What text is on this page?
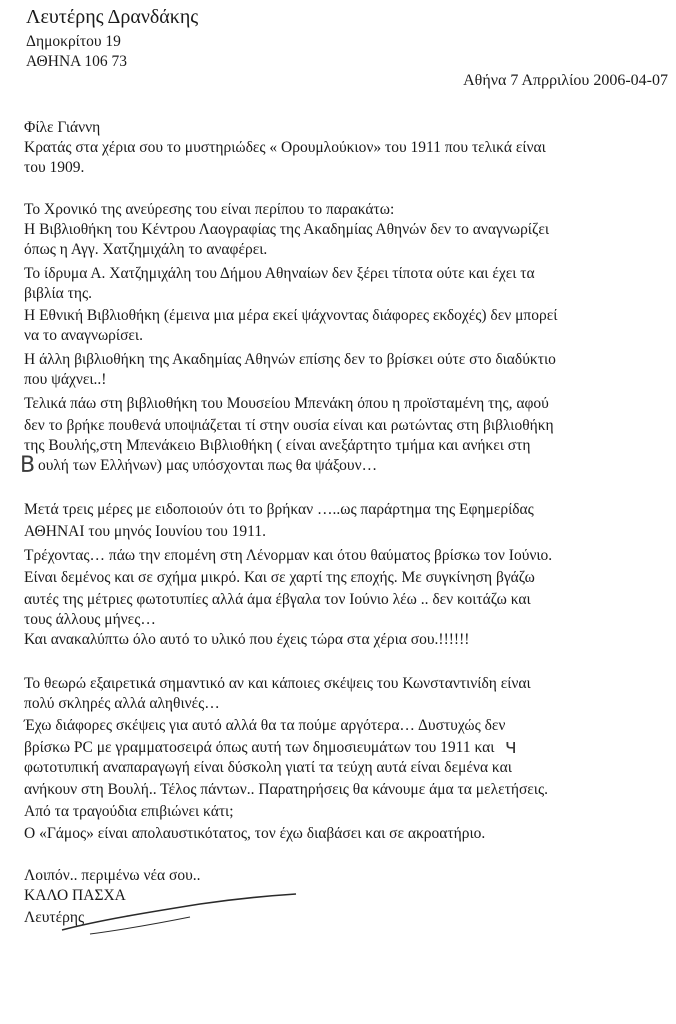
Λευτέρης Δρανδάκης
Δημοκρίτου 19
ΑΘΗΝΑ 106 73
Αθήνα 7 Απρριλίου 2006-04-07
Φίλε Γιάννη
Κρατάς στα χέρια σου το μυστηριώδες « Ορουμλούκιον» του 1911 που τελικά είναι
του 1909.
Το Χρονικό της ανεύρεσης του είναι περίπου το παρακάτω:
Η Βιβλιοθήκη του Κέντρου Λαογραφίας της Ακαδημίας Αθηνών δεν το αναγνωρίζει
όπως η Αγγ. Χατζημιχάλη το αναφέρει.
Το ίδρυμα Α. Χατζημιχάλη του Δήμου Αθηναίων δεν ξέρει τίποτα ούτε και έχει τα
βιβλία της.
Η Εθνική Βιβλιοθήκη (έμεινα μια μέρα εκεί ψάχνοντας διάφορες εκδοχές) δεν μπορεί
να το αναγνωρίσει.
Η άλλη βιβλιοθήκη της Ακαδημίας Αθηνών επίσης δεν το βρίσκει ούτε στο διαδύκτιο
που ψάχνει..!
Τελικά πάω στη βιβλιοθήκη του Μουσείου Μπενάκη όπου η προϊσταμένη της, αφού
δεν το βρήκε πουθενά υποψιάζεται τί στην ουσία είναι και ρωτώντας στη βιβλιοθήκη
της Βουλής,στη Μπενάκειο Βιβλιοθήκη ( είναι ανεξάρτητο τμήμα και ανήκει στη
ουλή των Ελλήνων) μας υπόσχονται πως θα ψάξουν…
Μετά τρεις μέρες με ειδοποιούν ότι το βρήκαν …..ως παράρτημα της Εφημερίδας
ΑΘΗΝΑΙ του μηνός Ιουνίου του 1911.
Τρέχοντας… πάω την επομένη στη Λένορμαν και ότου θαύματος βρίσκω τον Ιούνιο.
Είναι δεμένος και σε σχήμα μικρό. Και σε χαρτί της εποχής. Με συγκίνηση βγάζω
αυτές της μέτριες φωτοτυπίες αλλά άμα έβγαλα τον Ιούνιο λέω .. δεν κοιτάζω και
τους άλλους μήνες…
Και ανακαλύπτω όλο αυτό το υλικό που έχεις τώρα στα χέρια σου.!!!!!!
Το θεωρώ εξαιρετικά σημαντικό αν και κάποιες σκέψεις του Κωνσταντινίδη είναι
πολύ σκληρές αλλά αληθινές…
Έχω διάφορες σκέψεις για αυτό αλλά θα τα πούμε αργότερα… Δυστυχώς δεν
βρίσκω PC με γραμματοσειρά όπως αυτή των δημοσιευμάτων του 1911 και
φωτοτυπική αναπαραγωγή είναι δύσκολη γιατί τα τεύχη αυτά είναι δεμένα και
ανήκουν στη Βουλή.. Τέλος πάντων.. Παρατηρήσεις θα κάνουμε άμα τα μελετήσεις.
Από τα τραγούδια επιβιώνει κάτι;
Ο «Γάμος» είναι απολαυστικότατος, τον έχω διαβάσει και σε ακροατήριο.
Λοιπόν.. περιμένω νέα σου..
ΚΑΛΟ ΠΑΣΧΑ
Λευτέρης
Β
ч
